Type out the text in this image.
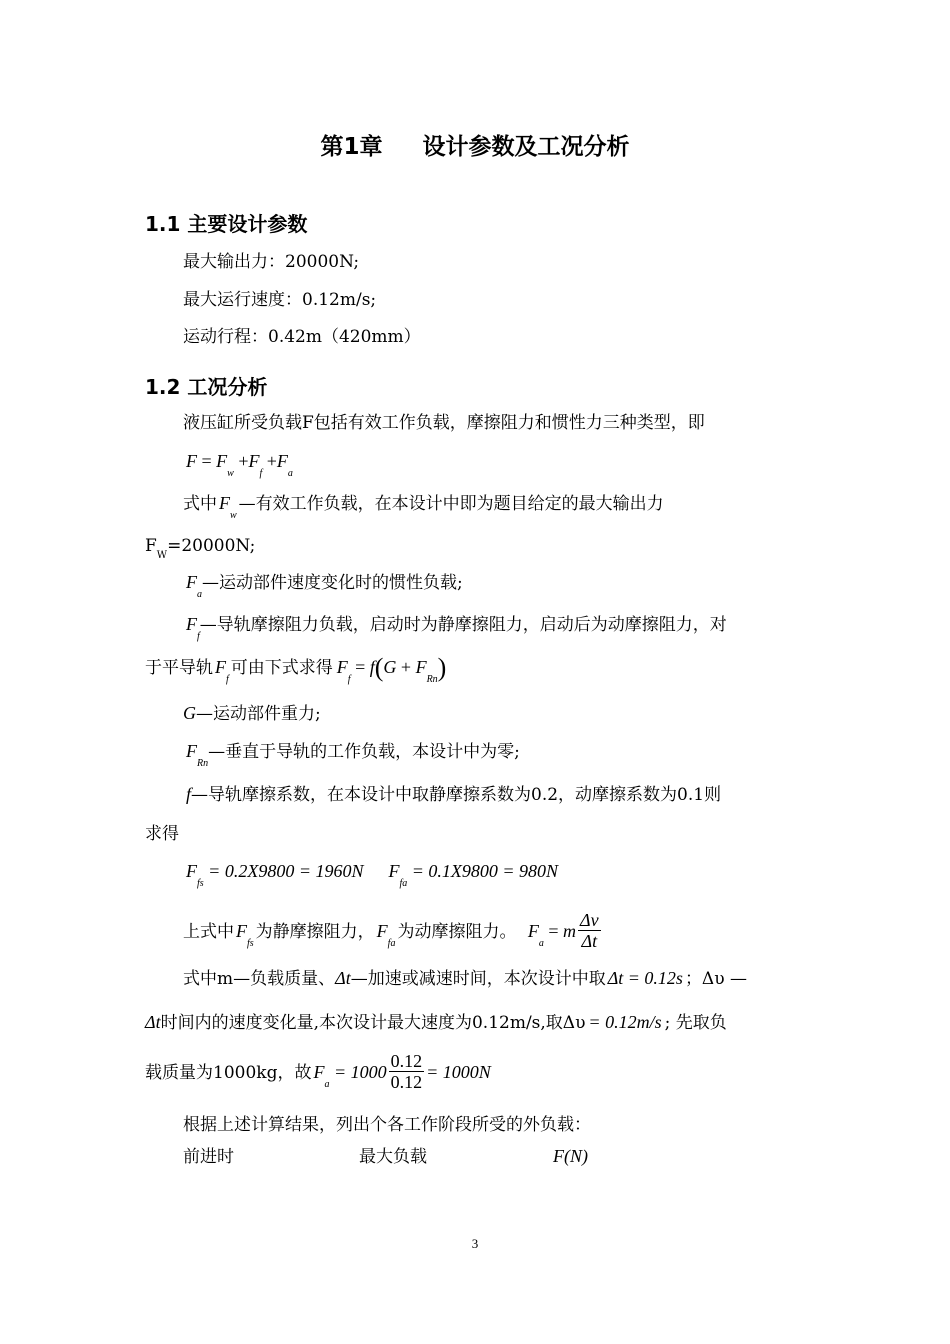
第1章 设计参数及工况分析
1.1 主要设计参数
最大输出力：20000N;
最大运行速度：0.12m/s;
运动行程：0.42m（420mm）
1.2 工况分析
液压缸所受负载F包括有效工作负载，摩擦阻力和惯性力三种类型，即
$F = F_w +F_f +F_a$
式中 $F_w—$有效工作负载，在本设计中即为题目给定的最大输出力
$F_W=20000N$;
$F_a—$运动部件速度变化时的惯性负载;
$F_f—$导轨摩擦阻力负载，启动时为静摩擦阻力，启动后为动摩擦阻力，对
于平导轨 $F_f$可由下式求得 $F_f = f(G + F_{Rn})$
G—运动部件重力;
$F_{Rn}—$垂直于导轨的工作负载，本设计中为零;
f—导轨摩擦系数，在本设计中取静摩擦系数为0.2，动摩擦系数为0.1则
求得
$F_{fs} = 0.2X9800 = 1960N$ $F_{fa} = 0.1X9800 = 980N$
上式中 $F_{fs}$为静摩擦阻力， $F_{fa}$为动摩擦阻力。 $F_a = m \frac{\Delta v}{\Delta t}$
式中m—负载质量、Δt—加速或减速时间，本次设计中取 Δt = 0.12s ；Δυ —
Δt时间内的速度变化量,本次设计最大速度为0.12m/s,取Δυ = 0.12m/s ; 先取负
载质量为1000kg，故 $F_a = 1000 \frac{0.12}{0.12} = 1000N$
根据上述计算结果，列出个各工作阶段所受的外负载：
前进时	最大负载	F(N)
3
